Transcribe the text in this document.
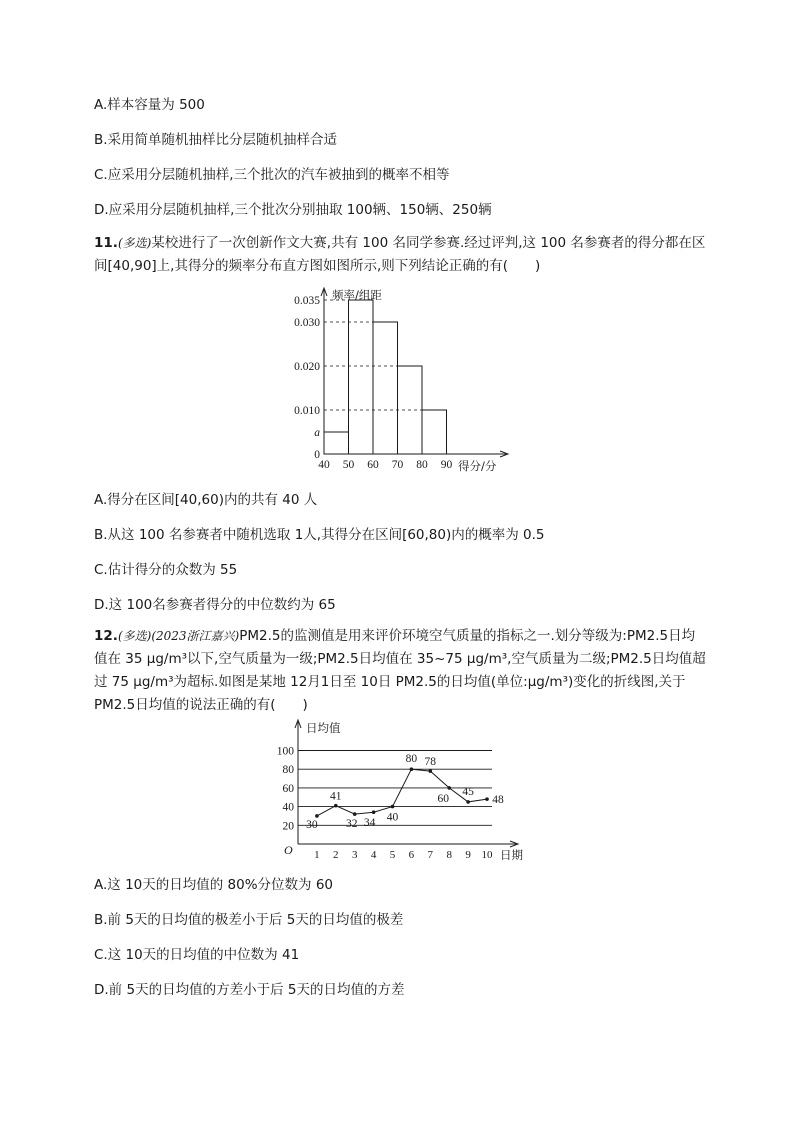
A.样本容量为 500
B.采用简单随机抽样比分层随机抽样合适
C.应采用分层随机抽样,三个批次的汽车被抽到的概率不相等
D.应采用分层随机抽样,三个批次分别抽取 100辆、150辆、250辆
11.(多选)某校进行了一次创新作文大赛,共有 100 名同学参赛.经过评判,这 100 名参赛者的得分都在区间[40,90]上,其得分的频率分布直方图如图所示,则下列结论正确的有(　　)
0
a
0.010
0.020
0.030
0.035
40 50 60 70 80 90
频率/组距
得分/分
A.得分在区间[40,60)内的共有 40 人
B.从这 100 名参赛者中随机选取 1人,其得分在区间[60,80)内的概率为 0.5
C.估计得分的众数为 55
D.这 100名参赛者得分的中位数约为 65
12.(多选)(2023浙江嘉兴)PM2.5的监测值是用来评价环境空气质量的指标之一.划分等级为:PM2.5日均值在 35 μg/m³以下,空气质量为一级;PM2.5日均值在 35~75 μg/m³,空气质量为二级;PM2.5日均值超过 75 μg/m³为超标.如图是某地 12月1日至 10日 PM2.5的日均值(单位:μg/m³)变化的折线图,关于 PM2.5日均值的说法正确的有(　　)
20
40
60
80
100
O 1 2 3 4 5 6 7 8 9 10 日期
日均值
30
41
32 34 40
80 78
60
45
48
A.这 10天的日均值的 80%分位数为 60
B.前 5天的日均值的极差小于后 5天的日均值的极差
C.这 10天的日均值的中位数为 41
D.前 5天的日均值的方差小于后 5天的日均值的方差
